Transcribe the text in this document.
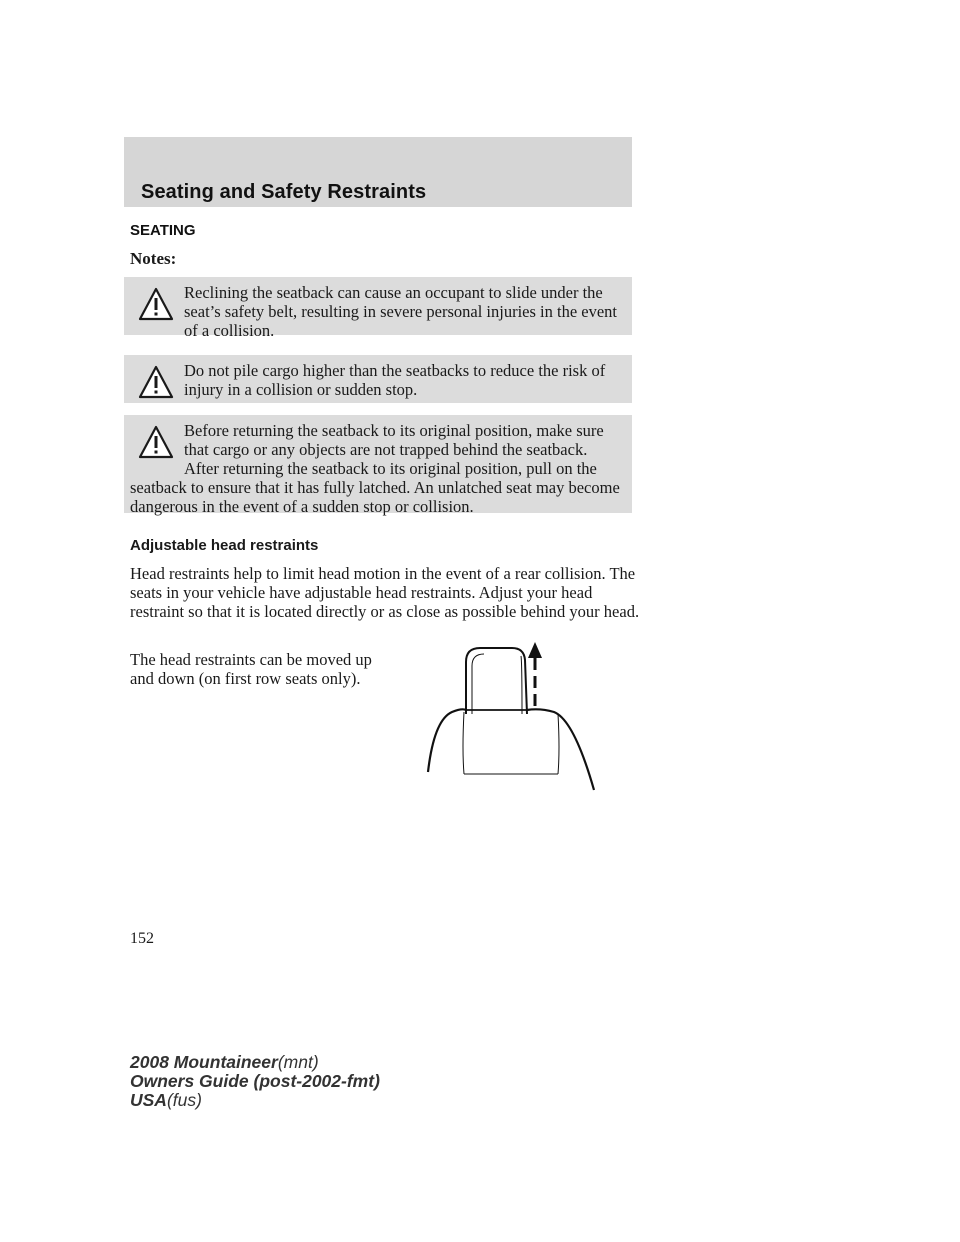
Seating and Safety Restraints
SEATING
Notes:

Reclining the seatback can cause an occupant to slide under the seat’s safety belt, resulting in severe personal injuries in the event of a collision.

Do not pile cargo higher than the seatbacks to reduce the risk of injury in a collision or sudden stop.

Before returning the seatback to its original position, make sure that cargo or any objects are not trapped behind the seatback. After returning the seatback to its original position, pull on the seatback to ensure that it has fully latched. An unlatched seat may become dangerous in the event of a sudden stop or collision.

Adjustable head restraints

Head restraints help to limit head motion in the event of a rear collision. The seats in your vehicle have adjustable head restraints. Adjust your head restraint so that it is located directly or as close as possible behind your head.

The head restraints can be moved up and down (on first row seats only).

152
2008 Mountaineer(mnt)
Owners Guide (post-2002-fmt)
USA(fus)
